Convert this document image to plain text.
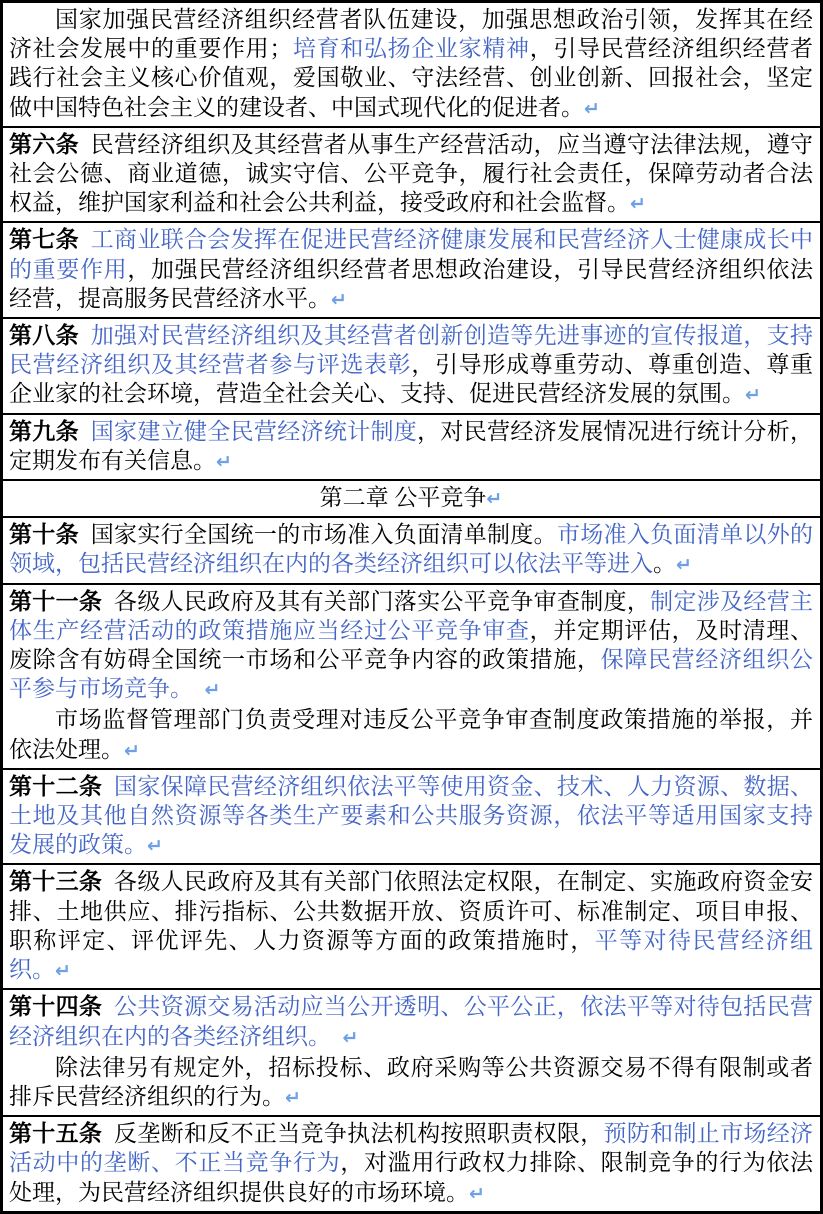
国家加强民营经济组织经营者队伍建设，加强思想政治引领，发挥其在经济社会发展中的重要作用；培育和弘扬企业家精神，引导民营经济组织经营者践行社会主义核心价值观，爱国敬业、守法经营、创业创新、回报社会，坚定做中国特色社会主义的建设者、中国式现代化的促进者。↵

第六条 民营经济组织及其经营者从事生产经营活动，应当遵守法律法规，遵守社会公德、商业道德，诚实守信、公平竞争，履行社会责任，保障劳动者合法权益，维护国家利益和社会公共利益，接受政府和社会监督。↵

第七条 工商业联合会发挥在促进民营经济健康发展和民营经济人士健康成长中的重要作用，加强民营经济组织经营者思想政治建设，引导民营经济组织依法经营，提高服务民营经济水平。↵

第八条 加强对民营经济组织及其经营者创新创造等先进事迹的宣传报道，支持民营经济组织及其经营者参与评选表彰，引导形成尊重劳动、尊重创造、尊重企业家的社会环境，营造全社会关心、支持、促进民营经济发展的氛围。↵

第九条 国家建立健全民营经济统计制度，对民营经济发展情况进行统计分析，定期发布有关信息。↵

第二章 公平竞争↵

第十条 国家实行全国统一的市场准入负面清单制度。市场准入负面清单以外的领域，包括民营经济组织在内的各类经济组织可以依法平等进入。↵

第十一条 各级人民政府及其有关部门落实公平竞争审查制度，制定涉及经营主体生产经营活动的政策措施应当经过公平竞争审查，并定期评估，及时清理、废除含有妨碍全国统一市场和公平竞争内容的政策措施，保障民营经济组织公平参与市场竞争。  ↵

市场监督管理部门负责受理对违反公平竞争审查制度政策措施的举报，并依法处理。↵

第十二条 国家保障民营经济组织依法平等使用资金、技术、人力资源、数据、土地及其他自然资源等各类生产要素和公共服务资源，依法平等适用国家支持发展的政策。↵

第十三条 各级人民政府及其有关部门依照法定权限，在制定、实施政府资金安排、土地供应、排污指标、公共数据开放、资质许可、标准制定、项目申报、职称评定、评优评先、人力资源等方面的政策措施时，平等对待民营经济组织。↵

第十四条 公共资源交易活动应当公开透明、公平公正，依法平等对待包括民营经济组织在内的各类经济组织。  ↵

除法律另有规定外，招标投标、政府采购等公共资源交易不得有限制或者排斥民营经济组织的行为。↵

第十五条 反垄断和反不正当竞争执法机构按照职责权限，预防和制止市场经济活动中的垄断、不正当竞争行为，对滥用行政权力排除、限制竞争的行为依法处理，为民营经济组织提供良好的市场环境。↵
